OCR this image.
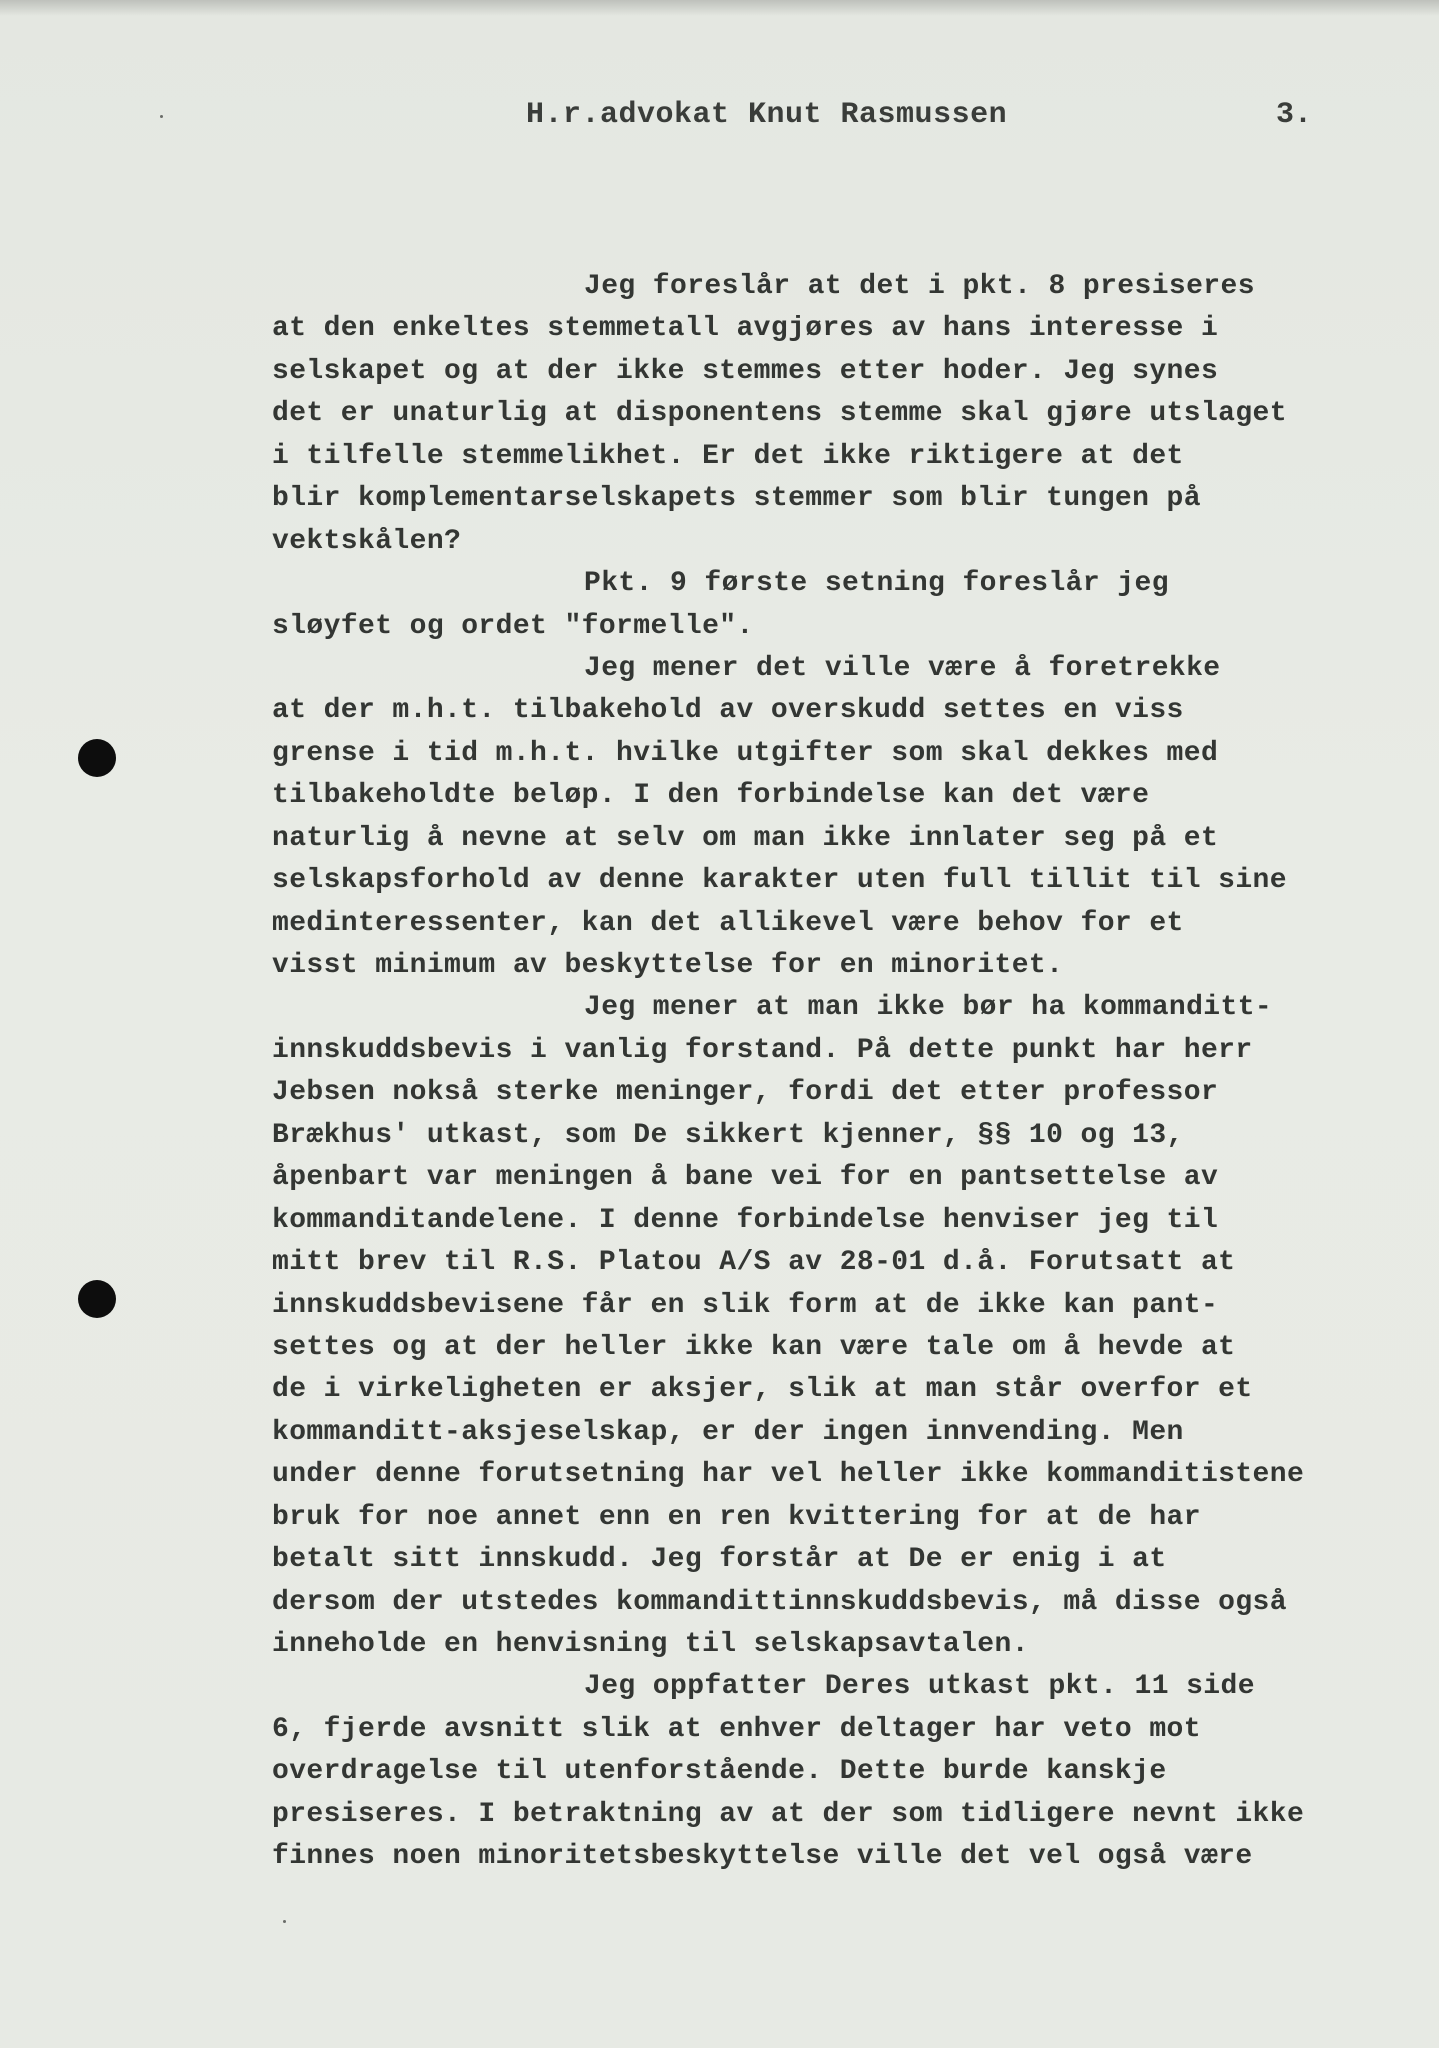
H.r.advokat Knut Rasmussen	3.
Jeg foreslår at det i pkt. 8 presiseres
at den enkeltes stemmetall avgjøres av hans interesse i
selskapet og at der ikke stemmes etter hoder. Jeg synes
det er unaturlig at disponentens stemme skal gjøre utslaget
i tilfelle stemmelikhet. Er det ikke riktigere at det
blir komplementarselskapets stemmer som blir tungen på
vektskålen?
Pkt. 9 første setning foreslår jeg
sløyfet og ordet "formelle".
Jeg mener det ville være å foretrekke
at der m.h.t. tilbakehold av overskudd settes en viss
grense i tid m.h.t. hvilke utgifter som skal dekkes med
tilbakeholdte beløp. I den forbindelse kan det være
naturlig å nevne at selv om man ikke innlater seg på et
selskapsforhold av denne karakter uten full tillit til sine
medinteressenter, kan det allikevel være behov for et
visst minimum av beskyttelse for en minoritet.
Jeg mener at man ikke bør ha kommanditt-
innskuddsbevis i vanlig forstand. På dette punkt har herr
Jebsen nokså sterke meninger, fordi det etter professor
Brækhus' utkast, som De sikkert kjenner, §§ 10 og 13,
åpenbart var meningen å bane vei for en pantsettelse av
kommanditandelene. I denne forbindelse henviser jeg til
mitt brev til R.S. Platou A/S av 28-01 d.å. Forutsatt at
innskuddsbevisene får en slik form at de ikke kan pant-
settes og at der heller ikke kan være tale om å hevde at
de i virkeligheten er aksjer, slik at man står overfor et
kommanditt-aksjeselskap, er der ingen innvending. Men
under denne forutsetning har vel heller ikke kommanditistene
bruk for noe annet enn en ren kvittering for at de har
betalt sitt innskudd. Jeg forstår at De er enig i at
dersom der utstedes kommandittinnskuddsbevis, må disse også
inneholde en henvisning til selskapsavtalen.
Jeg oppfatter Deres utkast pkt. 11 side
6, fjerde avsnitt slik at enhver deltager har veto mot
overdragelse til utenforstående. Dette burde kanskje
presiseres. I betraktning av at der som tidligere nevnt ikke
finnes noen minoritetsbeskyttelse ville det vel også være
